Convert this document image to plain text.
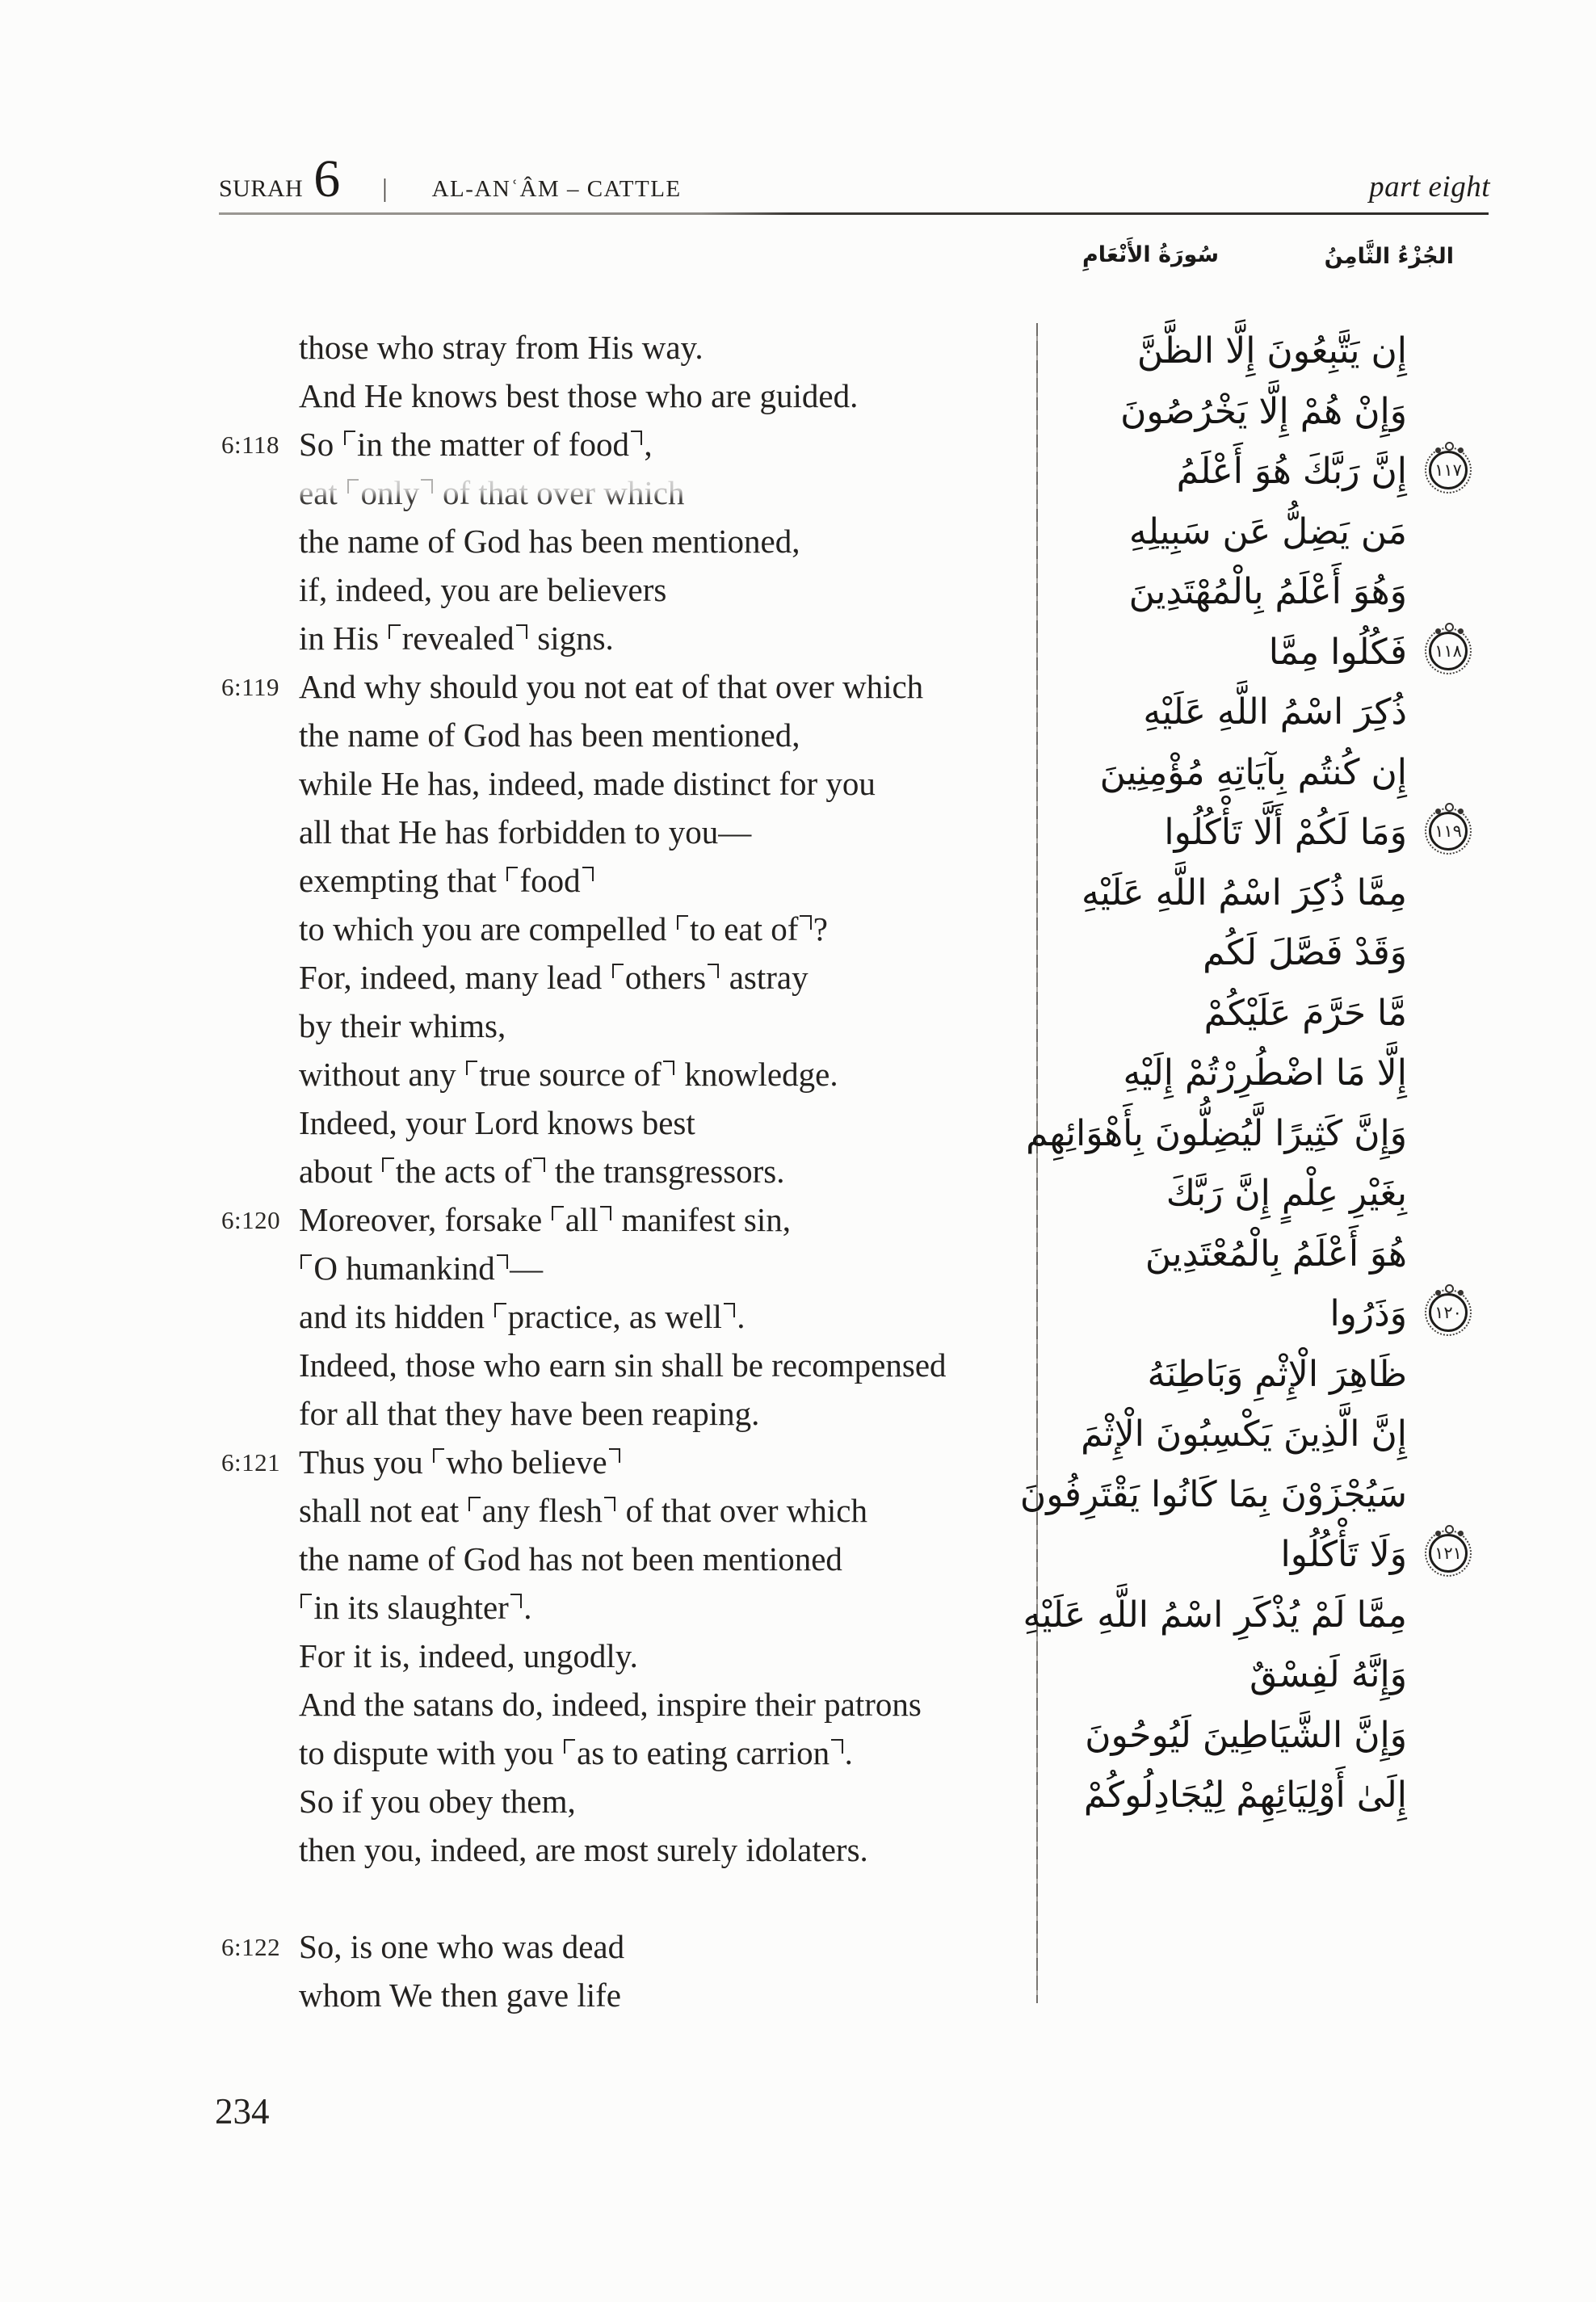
SURAH 6 | AL-ANʿÂM – CATTLE	part eight
سُورَةُ الأَنْعَامِ	الجُزْءُ الثَّامِنُ
those who stray from His way.
And He knows best those who are guided.
6:118 So in the matter of food ,
eat only of that over which
the name of God has been mentioned,
if, indeed, you are believers
in His revealed signs.
6:119 And why should you not eat of that over which
the name of God has been mentioned,
while He has, indeed, made distinct for you
all that He has forbidden to you—
exempting that food
to which you are compelled to eat of ?
For, indeed, many lead others astray
by their whims,
without any true source of knowledge.
Indeed, your Lord knows best
about the acts of the transgressors.
6:120 Moreover, forsake all manifest sin,
O humankind —
and its hidden practice, as well .
Indeed, those who earn sin shall be recompensed
for all that they have been reaping.
6:121 Thus you who believe
shall not eat any flesh of that over which
the name of God has not been mentioned
in its slaughter .
For it is, indeed, ungodly.
And the satans do, indeed, inspire their patrons
to dispute with you as to eating carrion .
So if you obey them,
then you, indeed, are most surely idolaters.
6:122 So, is one who was dead
whom We then gave life
إِن يَتَّبِعُونَ إِلَّا الظَّنَّ
وَإِنْ هُمْ إِلَّا يَخْرُصُونَ
إِنَّ رَبَّكَ هُوَ أَعْلَمُ	١١٧
مَن يَضِلُّ عَن سَبِيلِهِ
وَهُوَ أَعْلَمُ بِالْمُهْتَدِينَ
فَكُلُوا مِمَّا	١١٨
ذُكِرَ اسْمُ اللَّهِ عَلَيْهِ
إِن كُنتُم بِآيَاتِهِ مُؤْمِنِينَ
وَمَا لَكُمْ أَلَّا تَأْكُلُوا	١١٩
مِمَّا ذُكِرَ اسْمُ اللَّهِ عَلَيْهِ
وَقَدْ فَصَّلَ لَكُم
مَّا حَرَّمَ عَلَيْكُمْ
إِلَّا مَا اضْطُرِرْتُمْ إِلَيْهِ
وَإِنَّ كَثِيرًا لَّيُضِلُّونَ بِأَهْوَائِهِم
بِغَيْرِ عِلْمٍ إِنَّ رَبَّكَ
هُوَ أَعْلَمُ بِالْمُعْتَدِينَ
وَذَرُوا	١٢٠
ظَاهِرَ الْإِثْمِ وَبَاطِنَهُ
إِنَّ الَّذِينَ يَكْسِبُونَ الْإِثْمَ
سَيُجْزَوْنَ بِمَا كَانُوا يَقْتَرِفُونَ
وَلَا تَأْكُلُوا	١٢١
مِمَّا لَمْ يُذْكَرِ اسْمُ اللَّهِ عَلَيْهِ
وَإِنَّهُ لَفِسْقٌ
وَإِنَّ الشَّيَاطِينَ لَيُوحُونَ
إِلَىٰ أَوْلِيَائِهِمْ لِيُجَادِلُوكُمْ
234
